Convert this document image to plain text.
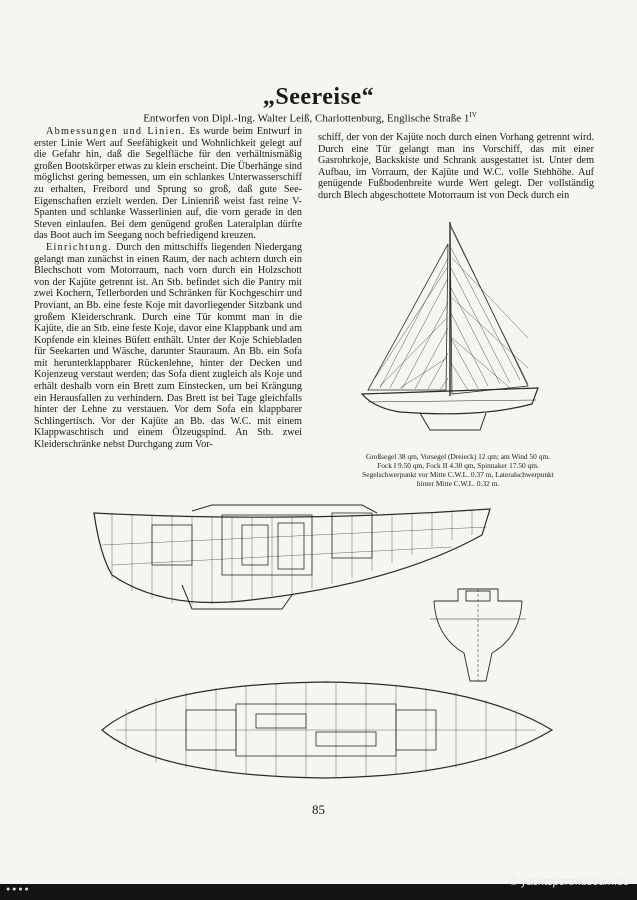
„Seereise“
Entworfen von Dipl.-Ing. Walter Leiß, Charlottenburg, Englische Straße $1^{IV}$

Abmessungen und Linien. Es wurde beim Entwurf in erster Linie Wert auf Seefähigkeit und Wohnlichkeit gelegt auf die Gefahr hin, daß die Segelfläche für den verhältnismäßig großen Bootskörper etwas zu klein erscheint. Die Überhänge sind möglichst gering bemessen, um ein schlankes Unterwasserschiff zu erhalten, Freibord und Sprung so groß, daß gute See-Eigenschaften erzielt werden. Der Linienriß weist fast reine V-Spanten und schlanke Wasserlinien auf, die vorn gerade in den Steven einlaufen. Bei dem genügend großen Lateralplan dürfte das Boot auch im Seegang noch befriedigend kreuzen.

Einrichtung. Durch den mittschiffs liegenden Niedergang gelangt man zunächst in einen Raum, der nach achtern durch ein Blechschott vom Motorraum, nach vorn durch ein Holzschott von der Kajüte getrennt ist. An Stb. befindet sich die Pantry mit zwei Kochern, Tellerborden und Schränken für Kochgeschirr und Proviant, an Bb. eine feste Koje mit davorliegender Sitzbank und großem Kleiderschrank. Durch eine Tür kommt man in die Kajüte, die an Stb. eine feste Koje, davor eine Klappbank und am Kopfende ein kleines Büfett enthält. Unter der Koje Schiebladen für Seekarten und Wäsche, darunter Stauraum. An Bb. ein Sofa mit herunterklappbarer Rückenlehne, hinter der Decken und Kojenzeug verstaut werden; das Sofa dient zugleich als Koje und erhält deshalb vorn ein Brett zum Einstecken, um bei Krängung ein Herausfallen zu verhindern. Das Brett ist bei Tage gleichfalls hinter der Lehne zu verstauen. Vor dem Sofa ein klappbarer Schlingertisch. Vor der Kajüte an Bb. das W.C. mit einem Klappwaschtisch und einem Ölzeugspind. An Stb. zwei Kleiderschränke nebst Durchgang zum Vor-

schiff, der von der Kajüte noch durch einen Vorhang getrennt wird. Durch eine Tür gelangt man ins Vorschiff, das mit einer Gasrohrkoje, Backskiste und Schrank ausgestattet ist. Unter dem Aufbau, im Vorraum, der Kajüte und W.C. volle Stehhöhe. Auf genügende Fußbodenbreite wurde Wert gelegt. Der vollständig durch Blech abgeschottete Motorraum ist von Deck durch ein

Großsegel 38 qm, Vorsegel (Dreieck) 12 qm; am Wind 50 qm.
Fock I 9.50 qm, Fock II 4.30 qm, Spinnaker 17.50 qm.
Segelschwerpunkt vor Mitte C.W.L. 0.37 m, Lateralschwerpunkt
hinter Mitte C.W.L. 0.32 m.
85
● ● ● ●
© yachtsportmuseum.de
